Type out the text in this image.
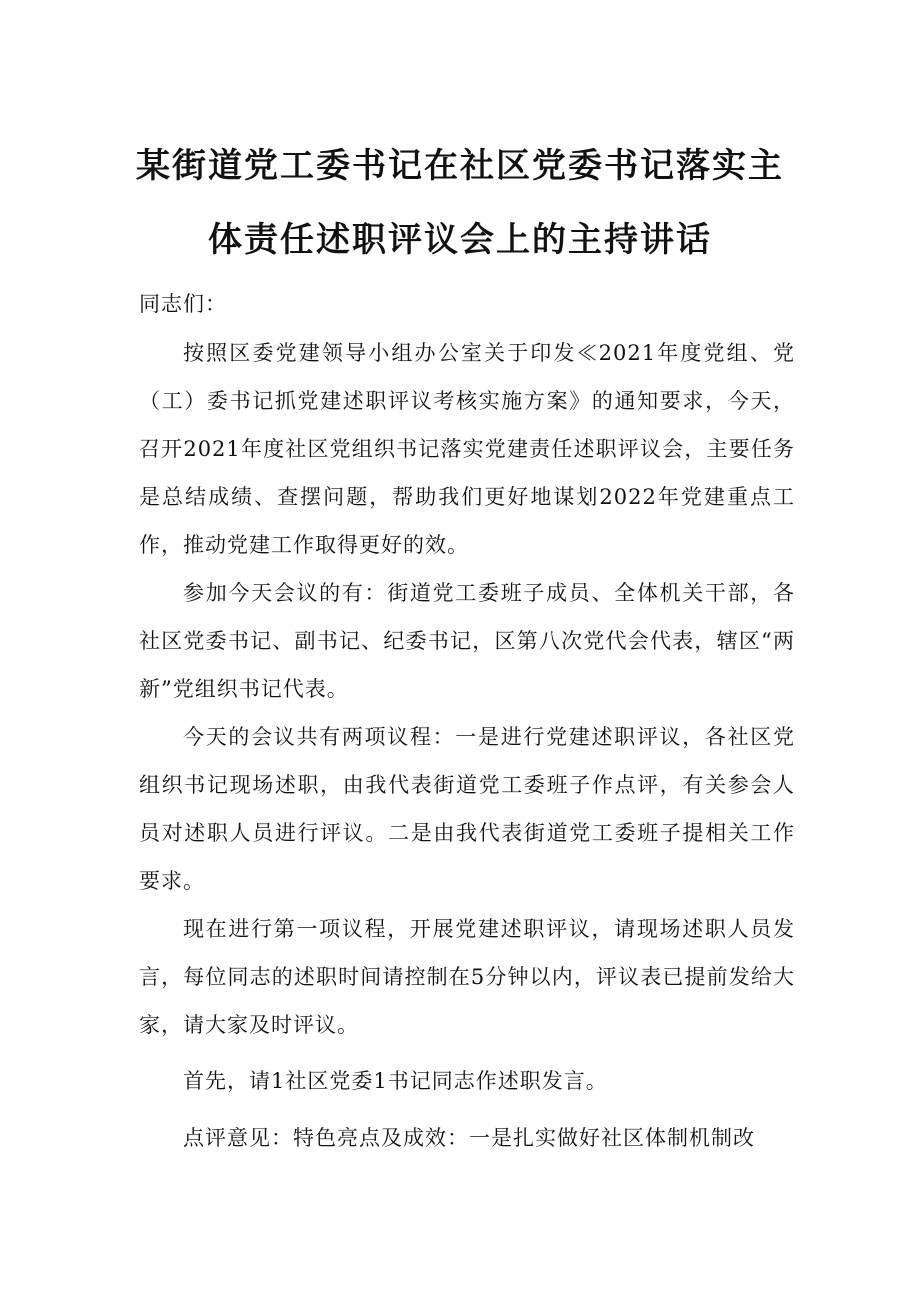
某街道党工委书记在社区党委书记落实主
体责任述职评议会上的主持讲话
同志们：
按照区委党建领导小组办公室关于印发≪2021年度党组、党（工）委书记抓党建述职评议考核实施方案》的通知要求，今天，召开2021年度社区党组织书记落实党建责任述职评议会，主要任务是总结成绩、查摆问题，帮助我们更好地谋划2022年党建重点工作，推动党建工作取得更好的效。
参加今天会议的有：街道党工委班子成员、全体机关干部，各社区党委书记、副书记、纪委书记，区第八次党代会代表，辖区“两新”党组织书记代表。
今天的会议共有两项议程：一是进行党建述职评议，各社区党组织书记现场述职，由我代表街道党工委班子作点评，有关参会人员对述职人员进行评议。二是由我代表街道党工委班子提相关工作要求。
现在进行第一项议程，开展党建述职评议，请现场述职人员发言，每位同志的述职时间请控制在5分钟以内，评议表已提前发给大家，请大家及时评议。
首先，请1社区党委1书记同志作述职发言。
点评意见：特色亮点及成效：一是扎实做好社区体制机制改
